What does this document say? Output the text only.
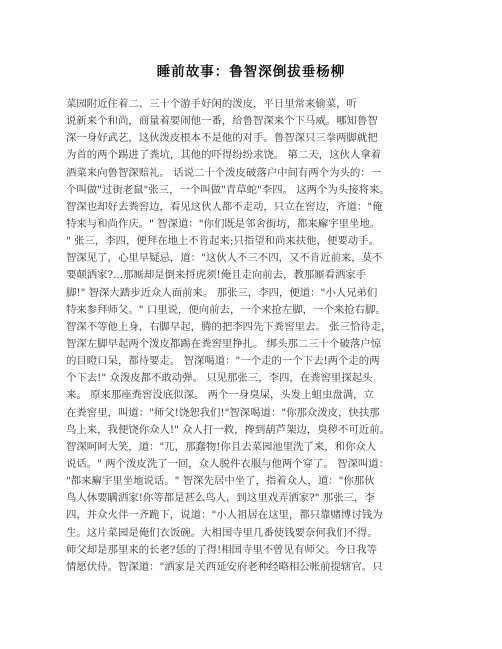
睡前故事：鲁智深倒拔垂杨柳
菜园附近住着二、三十个游手好闲的泼皮，平日里常来偷菜，听
说新来个和尚，商量着要闹他一番，给鲁智深来个下马威。哪知鲁智
深一身好武艺，这伙泼皮根本不是他的对手。鲁智深只三拳两脚就把
为首的两个踢进了粪坑，其他的吓得纷纷求饶。 第二天，这伙人拿着
酒菜来向鲁智深赔礼。 话说二十个泼皮破落户中间有两个为头的：一
个叫做"过街老鼠"张三，一个叫做"青草蛇"李四。 这两个为头接将来。
智深也却好去粪窖边，看见这伙人都不走动，只立在窖边，齐道："俺
特来与和尚作庆。" 智深道："你们既是邻舍街坊，都来廨宇里坐地。
" 张三，李四，便拜在地上不肯起来;只指望和尚来扶他，便要动手。
智深见了，心里早疑忌，道："这伙人不三不四，又不肯近前来，莫不
要颠洒家?...那厮却是倒来捋虎须!俺且走向前去，教那厮看洒家手
脚!" 智深大踏步近众人面前来。 那张三，李四，便道："小人兄弟们
特来参拜师父。" 口里说，便向前去，一个来抢左脚，一个来抢右脚。
智深不等他上身，右脚早起，腾的把李四先下粪窖里去。 张三恰待走，
智深左脚早起两个泼皮都踢在粪窖里挣扎。 绑头那二三十个破落户惊
的目瞪口呆，都待要走。 智深喝道："一个走的一个下去!两个走的两
个下去!" 众泼皮都不敢动弹。 只见那张三，李四，在粪窖里探起头
来。 原来那座粪窖没底似深。 两个一身臭屎，头发上蛆虫盘满，立
在粪窖里，叫道："师父!饶恕我们!"智深喝道："你那众泼皮，快扶那
鸟上来，我便饶你众人!" 众人打一救，搀到葫芦架边，臭秽不可近前。
智深呵呵大笑，道："兀，那蠢物!你且去菜园池里洗了来，和你众人
说话。" 两个泼皮洗了一回，众人脱件衣服与他两个穿了。 智深叫道：
"都来廨宇里坐地说话。" 智深先居中坐了，指着众人，道："你那伙
鸟人休要瞒洒家!你等都是甚么鸟人，到这里戏弄洒家?" 那张三，李
四，并众火伴一齐跪下，说道："小人祖居在这里，都只靠赌博讨钱为
生。这片菜园是俺们衣饭碗。大相国寺里几番使钱要奈何我们不得。
师父却是那里来的长老?恁的了得!相国寺里不曾见有师父。今日我等
情愿伏侍。智深道："洒家是关西延安府老种经略相公帐前提辖官。只
